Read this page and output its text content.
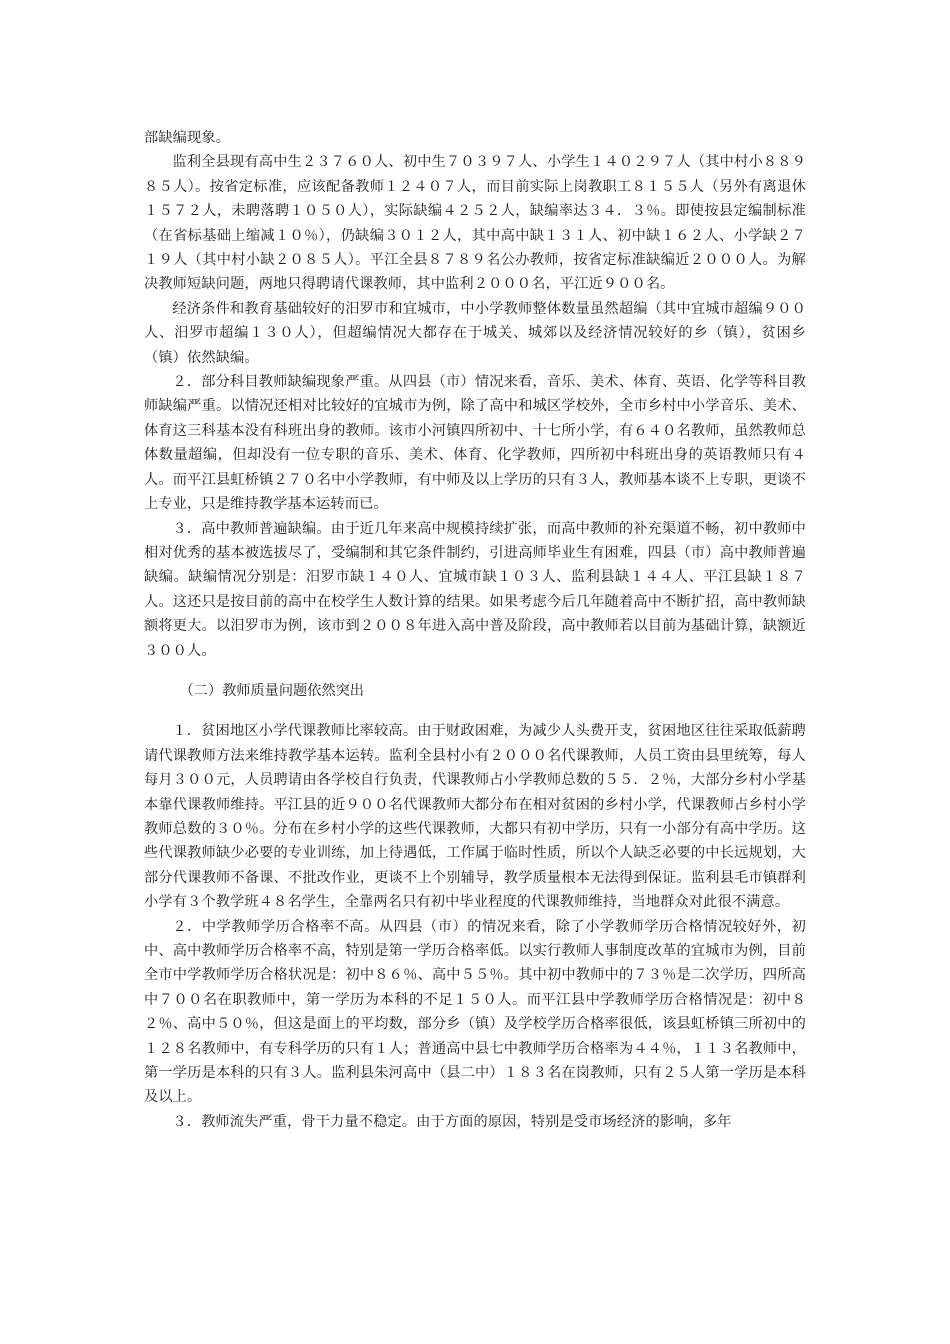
部缺编现象。

监利全县现有高中生２３７６０人、初中生７０３９７人、小学生１４０２９７人（其中村小８８９８５人）。按省定标准，应该配备教师１２４０７人，而目前实际上岗教职工８１５５人（另外有离退休１５７２人，未聘落聘１０５０人），实际缺编４２５２人，缺编率达３４．３％。即使按县定编制标准（在省标基础上缩减１０％），仍缺编３０１２人，其中高中缺１３１人、初中缺１６２人、小学缺２７１９人（其中村小缺２０８５人）。平江全县８７８９名公办教师，按省定标准缺编近２０００人。为解决教师短缺问题，两地只得聘请代课教师，其中监利２０００名，平江近９００名。

经济条件和教育基础较好的汨罗市和宜城市，中小学教师整体数量虽然超编（其中宜城市超编９００人、汨罗市超编１３０人），但超编情况大都存在于城关、城郊以及经济情况较好的乡（镇），贫困乡（镇）依然缺编。

２．部分科目教师缺编现象严重。从四县（市）情况来看，音乐、美术、体育、英语、化学等科目教师缺编严重。以情况还相对比较好的宜城市为例，除了高中和城区学校外，全市乡村中小学音乐、美术、体育这三科基本没有科班出身的教师。该市小河镇四所初中、十七所小学，有６４０名教师，虽然教师总体数量超编，但却没有一位专职的音乐、美术、体育、化学教师，四所初中科班出身的英语教师只有４人。而平江县虹桥镇２７０名中小学教师，有中师及以上学历的只有３人，教师基本谈不上专职，更谈不上专业，只是维持教学基本运转而已。

３．高中教师普遍缺编。由于近几年来高中规模持续扩张，而高中教师的补充渠道不畅，初中教师中相对优秀的基本被选拔尽了，受编制和其它条件制约，引进高师毕业生有困难，四县（市）高中教师普遍缺编。缺编情况分别是：汨罗市缺１４０人、宜城市缺１０３人、监利县缺１４４人、平江县缺１８７人。这还只是按目前的高中在校学生人数计算的结果。如果考虑今后几年随着高中不断扩招，高中教师缺额将更大。以汨罗市为例，该市到２００８年进入高中普及阶段，高中教师若以目前为基础计算，缺额近３００人。

（二）教师质量问题依然突出

１．贫困地区小学代课教师比率较高。由于财政困难，为减少人头费开支，贫困地区往往采取低薪聘请代课教师方法来维持教学基本运转。监利全县村小有２０００名代课教师，人员工资由县里统筹，每人每月３００元，人员聘请由各学校自行负责，代课教师占小学教师总数的５５．２％，大部分乡村小学基本靠代课教师维持。平江县的近９００名代课教师大都分布在相对贫困的乡村小学，代课教师占乡村小学教师总数的３０％。分布在乡村小学的这些代课教师，大都只有初中学历，只有一小部分有高中学历。这些代课教师缺少必要的专业训练，加上待遇低，工作属于临时性质，所以个人缺乏必要的中长远规划，大部分代课教师不备课、不批改作业，更谈不上个别辅导，教学质量根本无法得到保证。监利县毛市镇群利小学有３个教学班４８名学生，全靠两名只有初中毕业程度的代课教师维持，当地群众对此很不满意。

２．中学教师学历合格率不高。从四县（市）的情况来看，除了小学教师学历合格情况较好外，初中、高中教师学历合格率不高，特别是第一学历合格率低。以实行教师人事制度改革的宜城市为例，目前全市中学教师学历合格状况是：初中８６％、高中５５％。其中初中教师中的７３％是二次学历，四所高中７００名在职教师中，第一学历为本科的不足１５０人。而平江县中学教师学历合格情况是：初中８２％、高中５０％，但这是面上的平均数，部分乡（镇）及学校学历合格率很低，该县虹桥镇三所初中的１２８名教师中，有专科学历的只有１人；普通高中县七中教师学历合格率为４４％，１１３名教师中，第一学历是本科的只有３人。监利县朱河高中（县二中）１８３名在岗教师，只有２５人第一学历是本科及以上。

３．教师流失严重，骨干力量不稳定。由于方面的原因，特别是受市场经济的影响，多年
